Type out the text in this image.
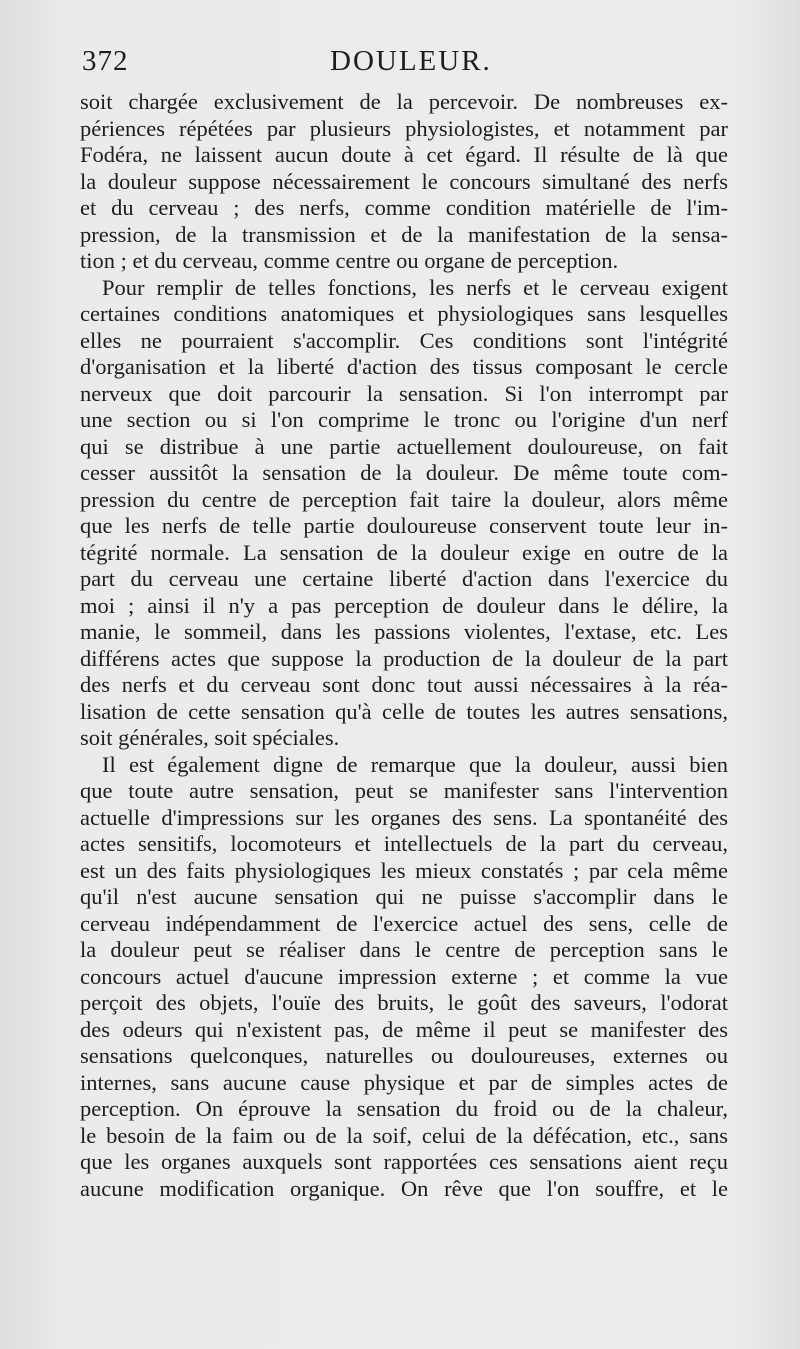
372	DOULEUR.
soit chargée exclusivement de la percevoir. De nombreuses ex-
périences répétées par plusieurs physiologistes, et notamment par
Fodéra, ne laissent aucun doute à cet égard. Il résulte de là que
la douleur suppose nécessairement le concours simultané des nerfs
et du cerveau ; des nerfs, comme condition matérielle de l'im-
pression, de la transmission et de la manifestation de la sensa-
tion ; et du cerveau, comme centre ou organe de perception.
Pour remplir de telles fonctions, les nerfs et le cerveau exigent
certaines conditions anatomiques et physiologiques sans lesquelles
elles ne pourraient s'accomplir. Ces conditions sont l'intégrité
d'organisation et la liberté d'action des tissus composant le cercle
nerveux que doit parcourir la sensation. Si l'on interrompt par
une section ou si l'on comprime le tronc ou l'origine d'un nerf
qui se distribue à une partie actuellement douloureuse, on fait
cesser aussitôt la sensation de la douleur. De même toute com-
pression du centre de perception fait taire la douleur, alors même
que les nerfs de telle partie douloureuse conservent toute leur in-
tégrité normale. La sensation de la douleur exige en outre de la
part du cerveau une certaine liberté d'action dans l'exercice du
moi ; ainsi il n'y a pas perception de douleur dans le délire, la
manie, le sommeil, dans les passions violentes, l'extase, etc. Les
différens actes que suppose la production de la douleur de la part
des nerfs et du cerveau sont donc tout aussi nécessaires à la réa-
lisation de cette sensation qu'à celle de toutes les autres sensations,
soit générales, soit spéciales.
Il est également digne de remarque que la douleur, aussi bien
que toute autre sensation, peut se manifester sans l'intervention
actuelle d'impressions sur les organes des sens. La spontanéité des
actes sensitifs, locomoteurs et intellectuels de la part du cerveau,
est un des faits physiologiques les mieux constatés ; par cela même
qu'il n'est aucune sensation qui ne puisse s'accomplir dans le
cerveau indépendamment de l'exercice actuel des sens, celle de
la douleur peut se réaliser dans le centre de perception sans le
concours actuel d'aucune impression externe ; et comme la vue
perçoit des objets, l'ouïe des bruits, le goût des saveurs, l'odorat
des odeurs qui n'existent pas, de même il peut se manifester des
sensations quelconques, naturelles ou douloureuses, externes ou
internes, sans aucune cause physique et par de simples actes de
perception. On éprouve la sensation du froid ou de la chaleur,
le besoin de la faim ou de la soif, celui de la défécation, etc., sans
que les organes auxquels sont rapportées ces sensations aient reçu
aucune modification organique. On rêve que l'on souffre, et le
